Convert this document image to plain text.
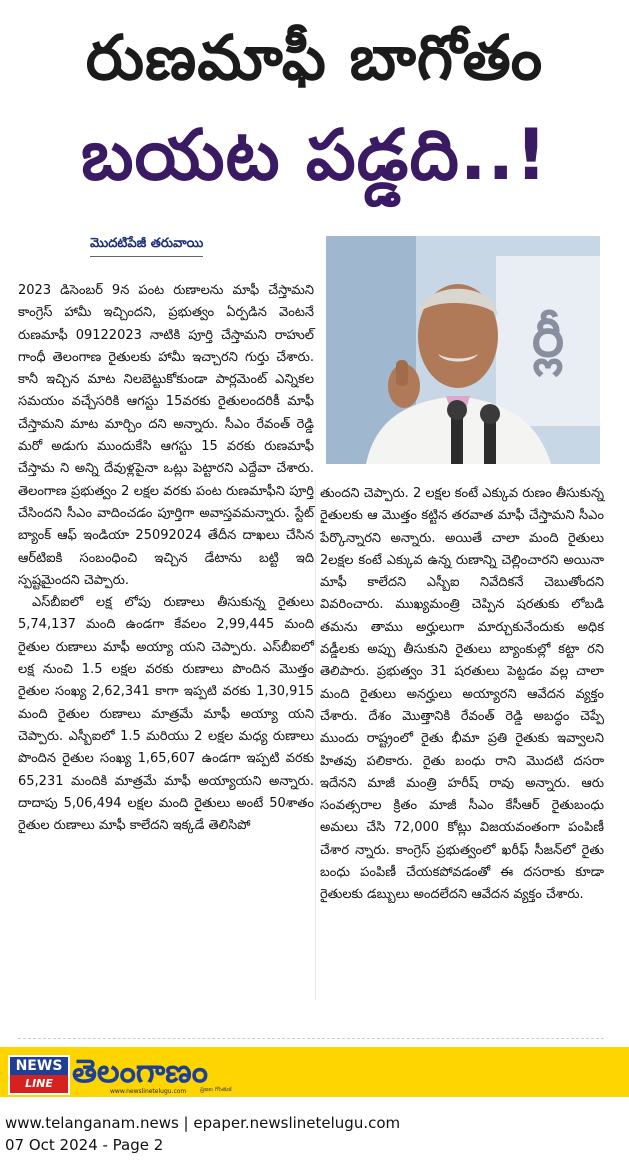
రుణమాఫీ బాగోతం
బయట పడ్డది..!
మొదటిపేజీ తరువాయి
ర్లీ

2023 డిసెంబర్ 9న పంట రుణాలను మాఫీ చేస్తామని కాంగ్రెస్ హామీ ఇచ్చిందని, ప్రభుత్వం ఏర్పడిన వెంటనే రుణమాఫీ 09122023 నాటికి పూర్తి చేస్తామని రాహుల్ గాంధీ తెలంగాణ రైతులకు హామీ ఇచ్చారని గుర్తు చేశారు. కానీ ఇచ్చిన మాట నిలబెట్టుకోకుండా పార్లమెంట్ ఎన్నికల సమయం వచ్చేసరికి ఆగస్టు 15వరకు రైతులందరికీ మాఫీ చేస్తామని మాట మార్చిం దని అన్నారు. సీఎం రేవంత్ రెడ్డి మరో అడుగు ముందుకేసి ఆగస్టు 15 వరకు రుణమాఫీ చేస్తామ ని అన్ని దేవుళ్లపైనా ఒట్లు పెట్టారని ఎద్దేవా చేశారు. తెలంగాణ ప్రభుత్వం 2 లక్షల వరకు పంట రుణమాఫీని పూర్తి చేసిందని సీఎం వాదించడం పూర్తిగా అవాస్తవమన్నారు. స్టేట్ బ్యాంక్ ఆఫ్ ఇండియా 25092024 తేదీన దాఖలు చేసిన ఆర్‌టిఐకి సంబంధించి ఇచ్చిన డేటాను బట్టి ఇది స్పష్టమైందని చెప్పారు.

ఎస్‌బీఐలో లక్ష లోపు రుణాలు తీసుకున్న రైతులు 5,74,137 మంది ఉండగా కేవలం 2,99,445 మంది రైతుల రుణాలు మాఫీ అయ్యా యని చెప్పారు. ఎస్‌బీఐలో లక్ష నుంచి 1.5 లక్షల వరకు రుణాలు పొందిన మొత్తం రైతుల సంఖ్య 2,62,341 కాగా ఇప్పటి వరకు 1,30,915 మంది రైతుల రుణాలు మాత్రమే మాఫీ అయ్యా యని చెప్పారు. ఎస్బీఐలో 1.5 మరియు 2 లక్షల మధ్య రుణాలు పొందిన రైతుల సంఖ్య 1,65,607 ఉండగా ఇప్పటి వరకు 65,231 మందికి మాత్రమే మాఫీ అయ్యాయని అన్నారు. దాదాపు 5,06,494 లక్షల మంది రైతులు అంటే 50శాతం రైతుల రుణాలు మాఫీ కాలేదని ఇక్కడే తెలిసిపో

తుందని చెప్పారు. 2 లక్షల కంటే ఎక్కువ రుణం తీసుకున్న రైతులకు ఆ మొత్తం కట్టిన తరవాత మాఫీ చేస్తామని సీఎం పేర్కొన్నారని అన్నారు. అయితే చాలా మంది రైతులు 2లక్షల కంటే ఎక్కువ ఉన్న రుణాన్ని చెల్లించారని అయినా మాఫీ కాలేదని ఎస్బీఐ నివేదికనే చెబుతోందని వివరించారు. ముఖ్యమంత్రి చెప్పిన షరతుకు లోబడి తమను తాము అర్హులుగా మార్చుకునేందుకు అధిక వడ్డీలకు అప్పు తీసుకుని రైతులు బ్యాంకుల్లో కట్టా రని తెలిపారు. ప్రభుత్వం 31 షరతులు పెట్టడం వల్ల చాలా మంది రైతులు అనర్హులు అయ్యారని ఆవేదన వ్యక్తం చేశారు. దేశం మొత్తానికి రేవంత్ రెడ్డి అబద్ధం చెప్పే ముందు రాష్ట్రంలో రైతు భీమా ప్రతి రైతుకు ఇవ్వాలని హితవు పలికారు. రైతు బంధు రాని మొదటి దసరా ఇదేనని మాజీ మంత్రి హరీష్ రావు అన్నారు. ఆరు సంవత్సరాల క్రితం మాజీ సీఎం కేసీఆర్ రైతుబంధు అమలు చేసి 72,000 కోట్లు విజయవంతంగా పంపిణీ చేశార న్నారు. కాంగ్రెస్ ప్రభుత్వంలో ఖరీఫ్ సీజన్‌లో రైతు బంధు పంపిణీ చేయకపోవడంతో ఈ దసరాకు కూడా రైతులకు డబ్బులు అందలేదని ఆవేదన వ్యక్తం చేశారు.

NEWS
LINE తెలంగాణం
www.newslinetelugu.com ప్రజల గొంతుక
www.telanganam.news | epaper.newslinetelugu.com
07 Oct 2024 - Page 2
